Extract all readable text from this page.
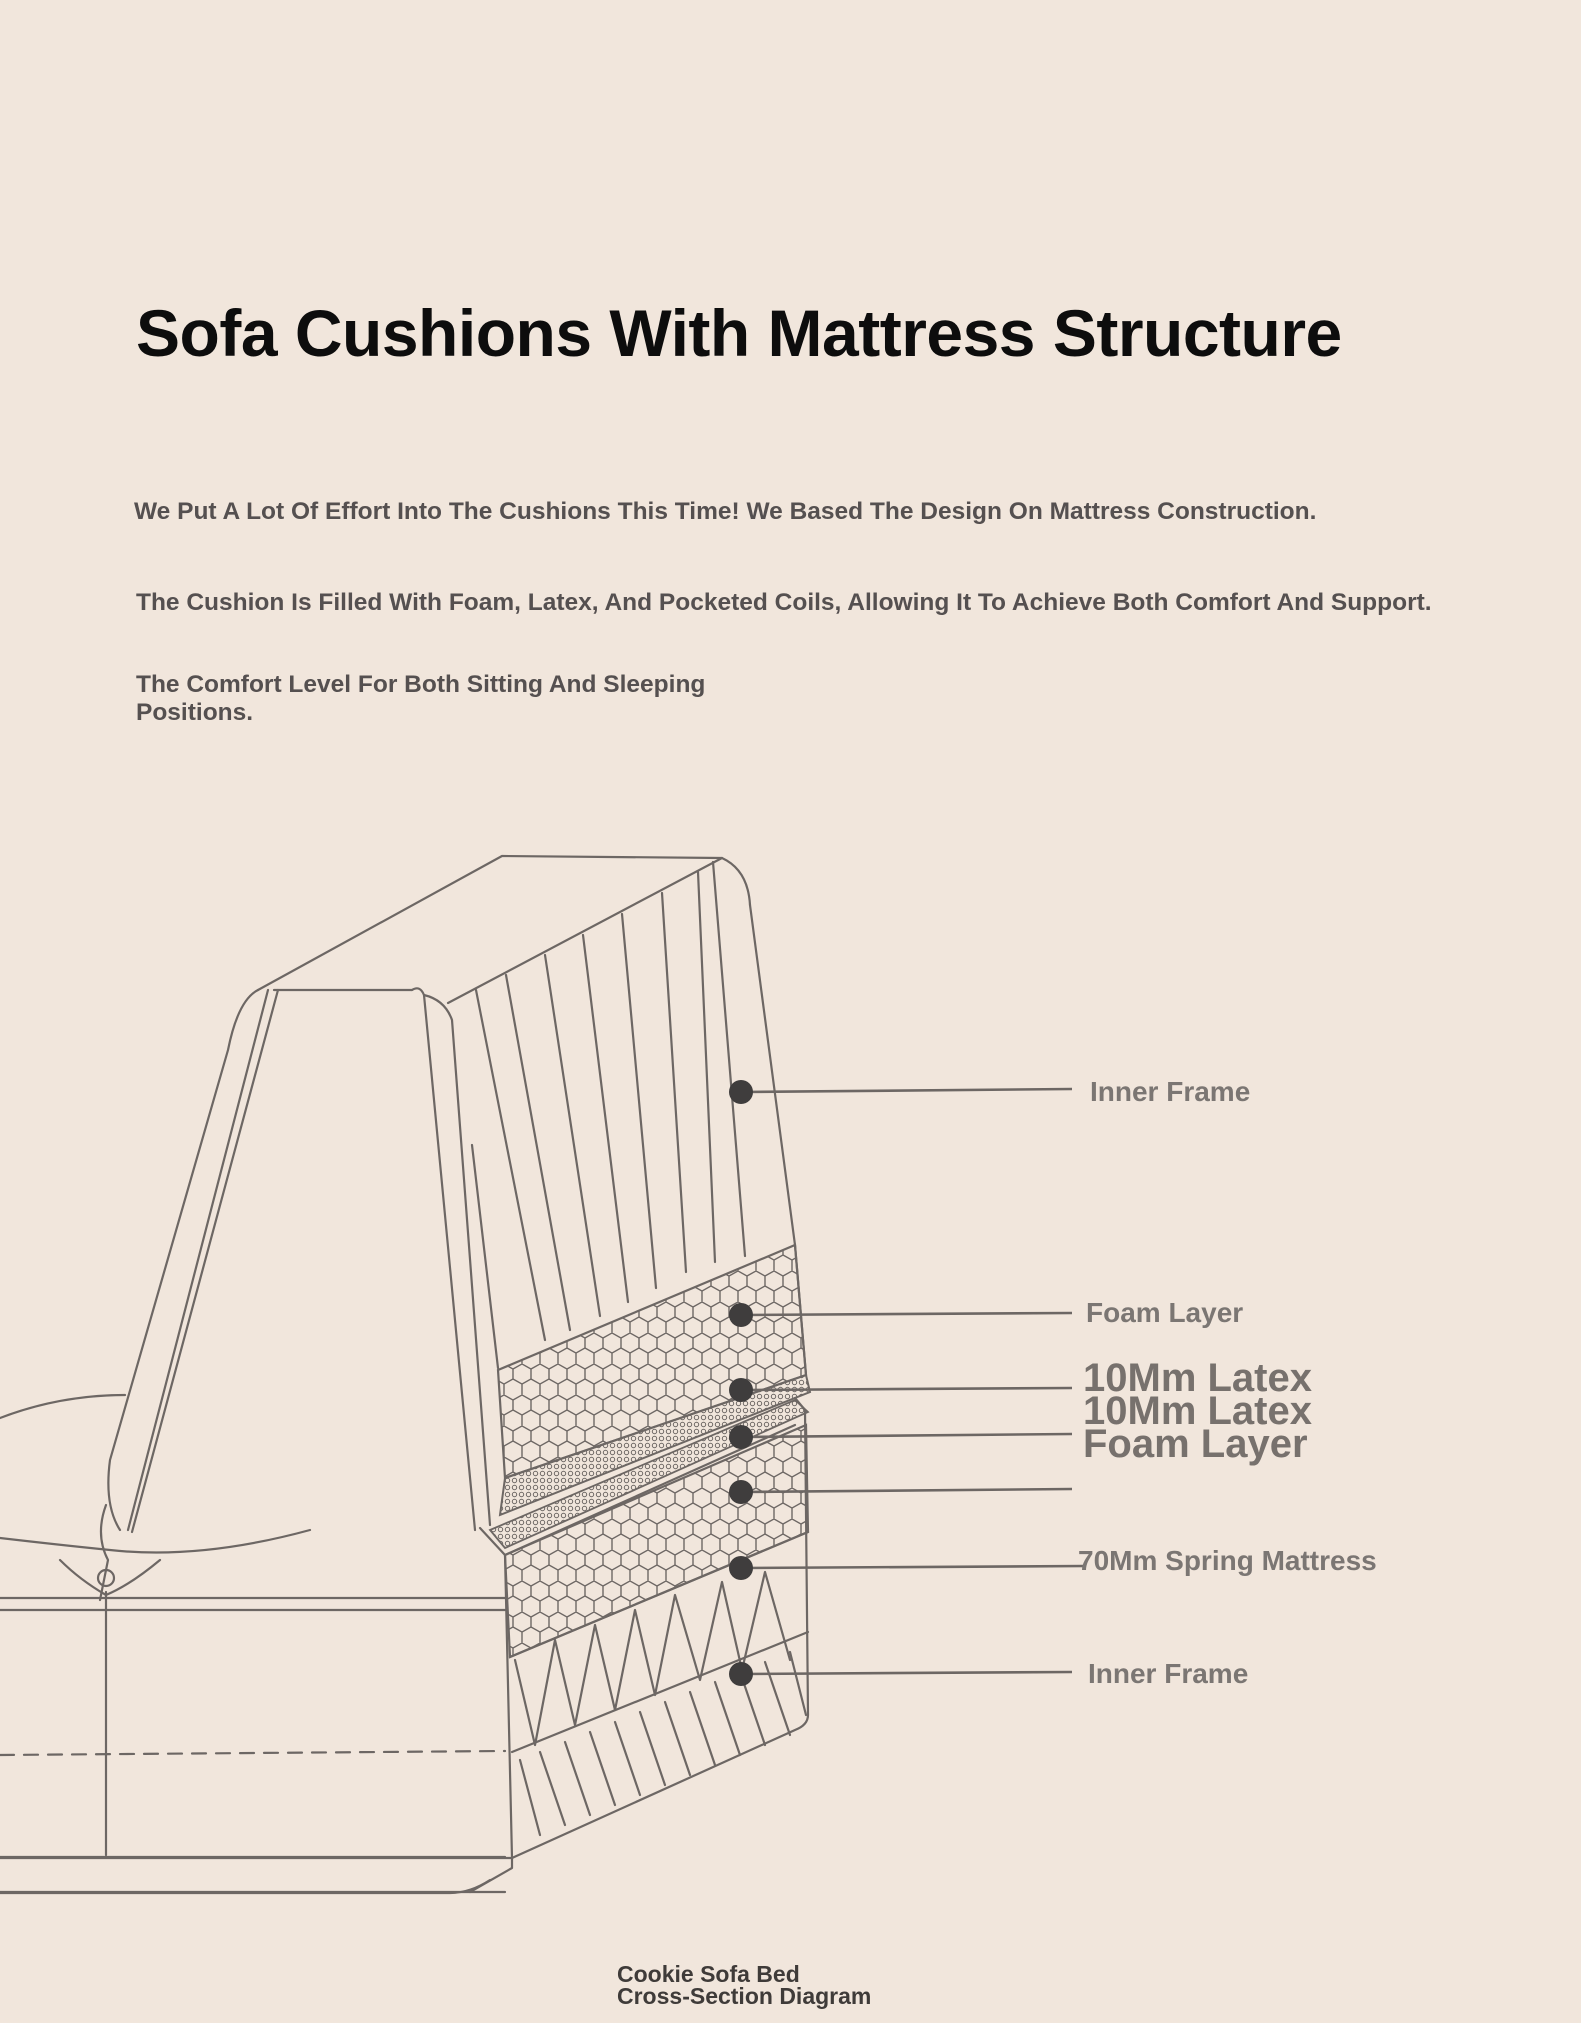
Sofa Cushions With Mattress Structure
We Put A Lot Of Effort Into The Cushions This Time! We Based The Design On Mattress Construction.
The Cushion Is Filled With Foam, Latex, And Pocketed Coils, Allowing It To Achieve Both Comfort And Support.
The Comfort Level For Both Sitting And Sleeping Positions.
Inner Frame
Foam Layer
10Mm Latex 10Mm Latex Foam Layer
70Mm Spring Mattress
Inner Frame
Cookie Sofa Bed
Cross-Section Diagram
